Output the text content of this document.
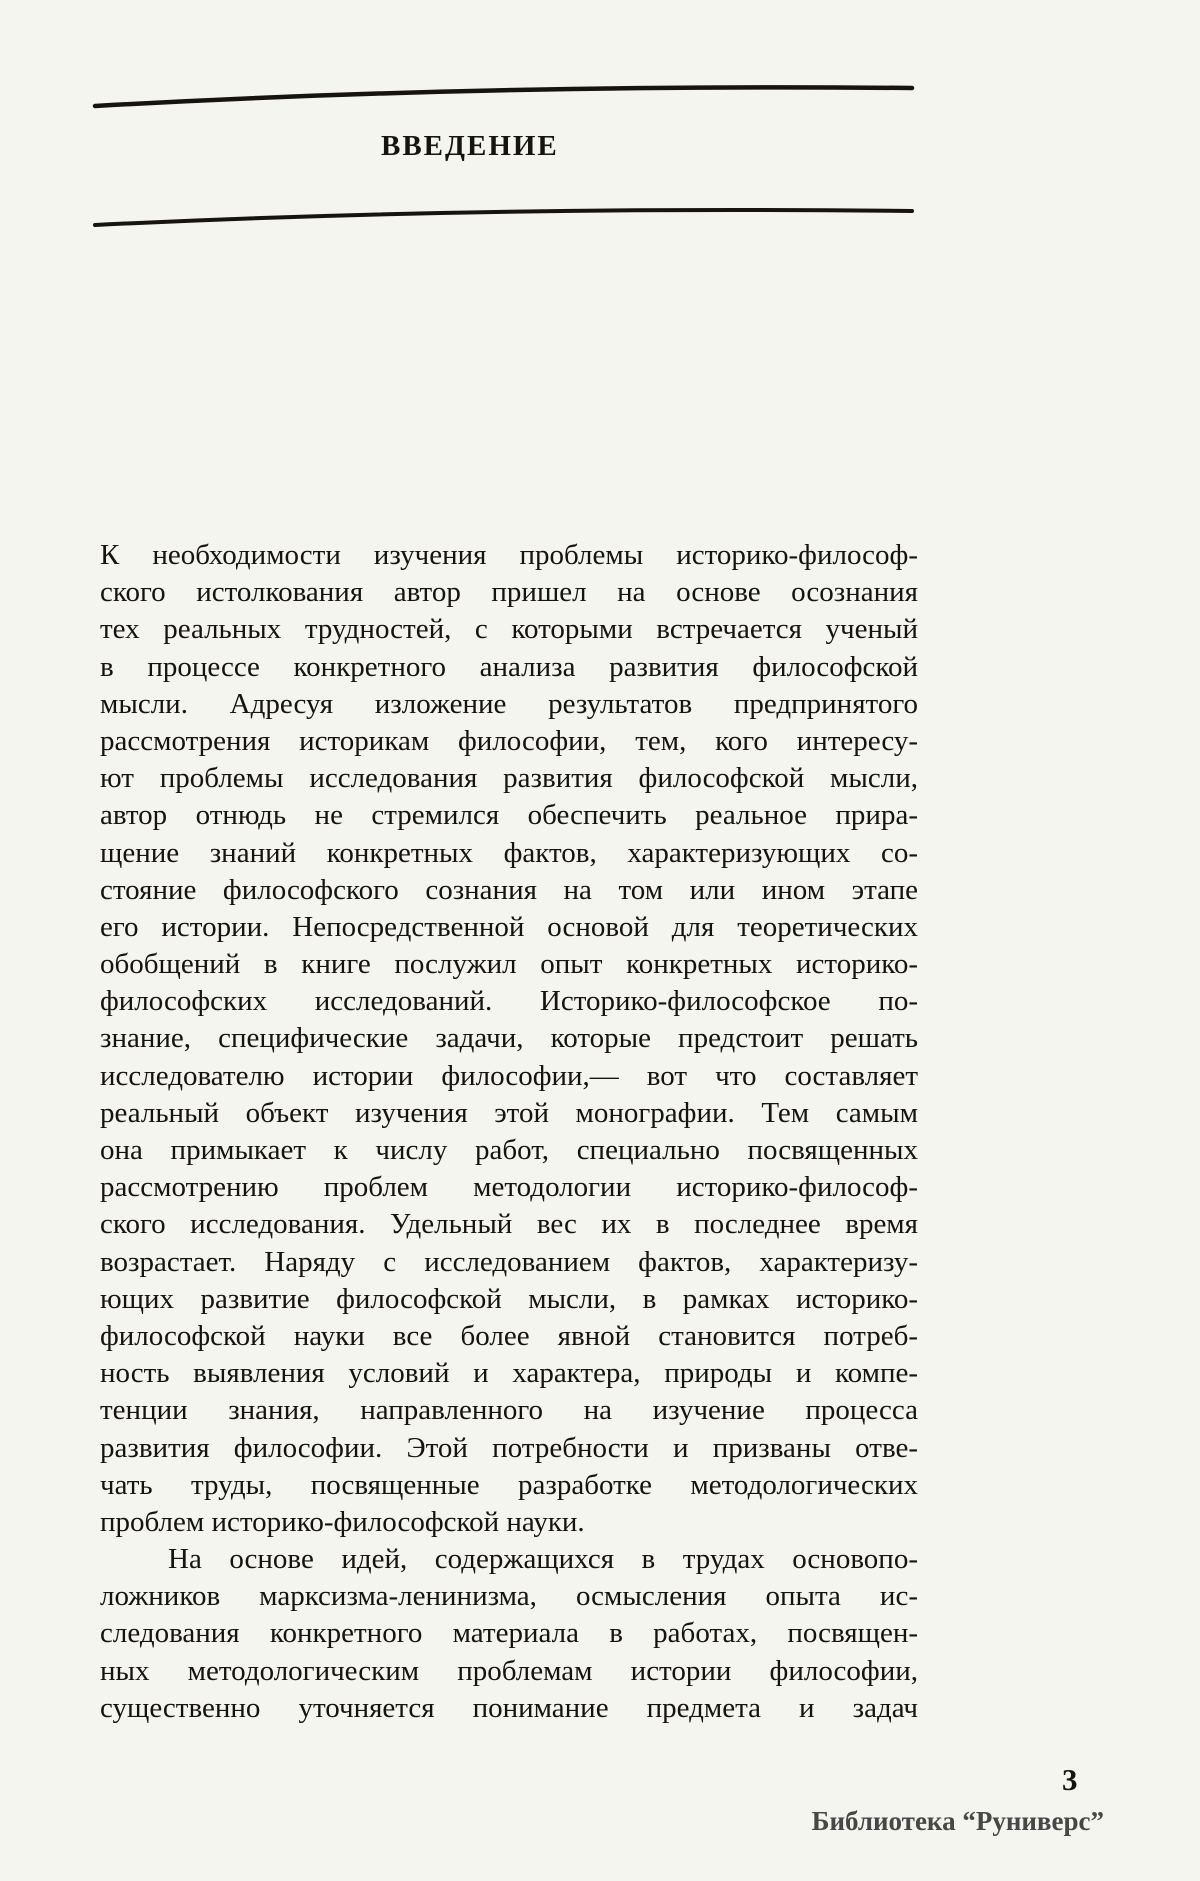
ВВЕДЕНИЕ
К необходимости изучения проблемы историко-философ-
ского истолкования автор пришел на основе осознания
тех реальных трудностей, с которыми встречается ученый
в процессе конкретного анализа развития философской
мысли. Адресуя изложение результатов предпринятого
рассмотрения историкам философии, тем, кого интересу-
ют проблемы исследования развития философской мысли,
автор отнюдь не стремился обеспечить реальное прира-
щение знаний конкретных фактов, характеризующих со-
стояние философского сознания на том или ином этапе
его истории. Непосредственной основой для теоретических
обобщений в книге послужил опыт конкретных историко-
философских исследований. Историко-философское по-
знание, специфические задачи, которые предстоит решать
исследователю истории философии,— вот что составляет
реальный объект изучения этой монографии. Тем самым
она примыкает к числу работ, специально посвященных
рассмотрению проблем методологии историко-философ-
ского исследования. Удельный вес их в последнее время
возрастает. Наряду с исследованием фактов, характеризу-
ющих развитие философской мысли, в рамках историко-
философской науки все более явной становится потреб-
ность выявления условий и характера, природы и компе-
тенции знания, направленного на изучение процесса
развития философии. Этой потребности и призваны отве-
чать труды, посвященные разработке методологических
проблем историко-философской науки.
На основе идей, содержащихся в трудах основопо-
ложников марксизма-ленинизма, осмысления опыта ис-
следования конкретного материала в работах, посвящен-
ных методологическим проблемам истории философии,
существенно уточняется понимание предмета и задач
3
Библиотека “Руниверс”
